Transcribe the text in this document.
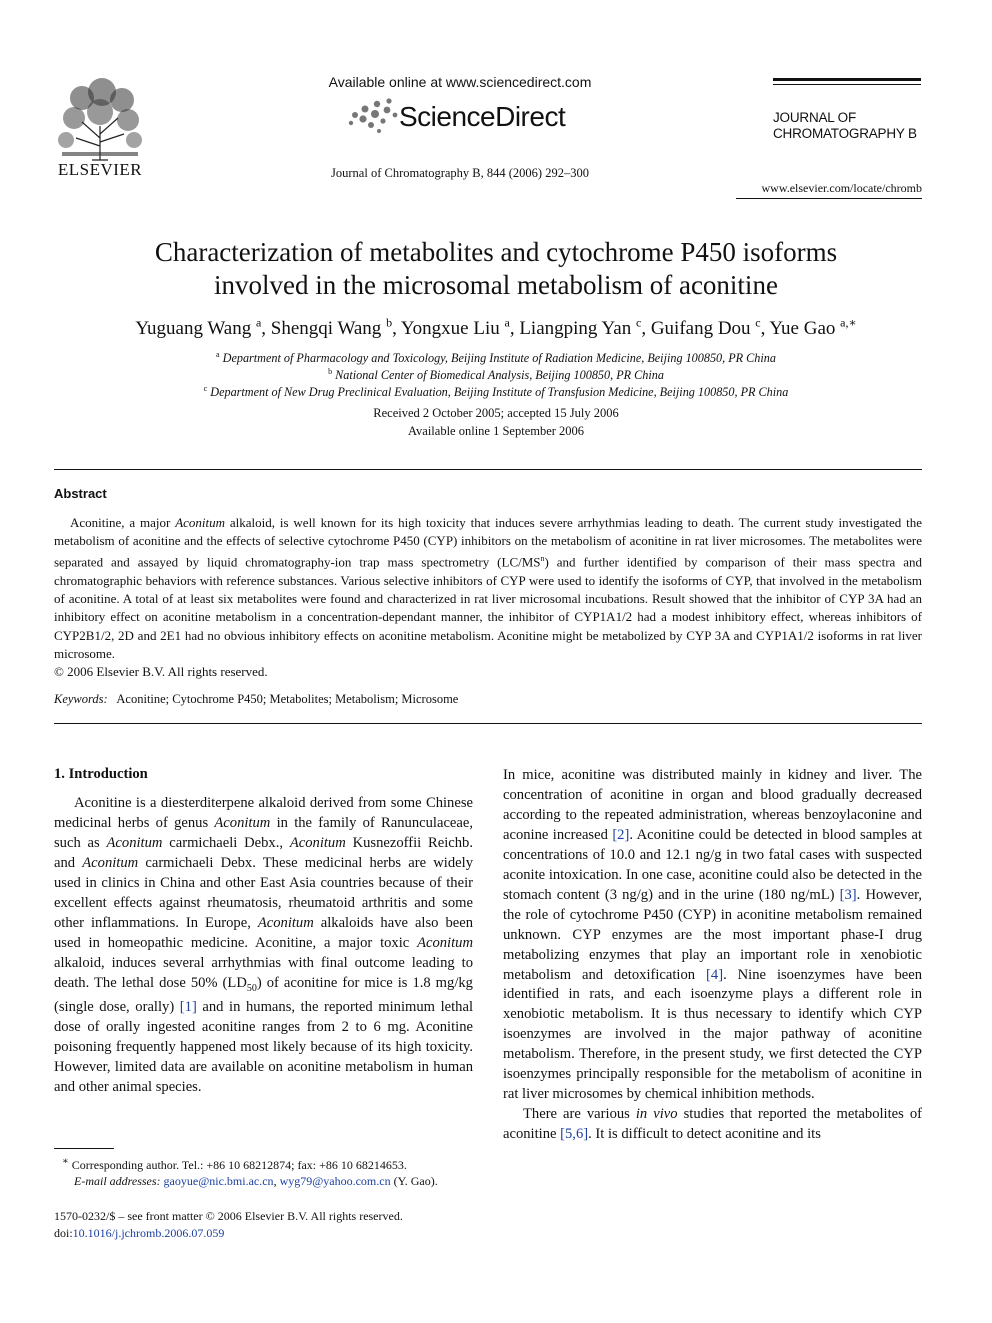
ELSEVIER
Available online at www.sciencedirect.com
ScienceDirect
Journal of Chromatography B, 844 (2006) 292–300
JOURNAL OF
CHROMATOGRAPHY B
www.elsevier.com/locate/chromb
Characterization of metabolites and cytochrome P450 isoforms
involved in the microsomal metabolism of aconitine
Yuguang Wang $^a$, Shengqi Wang $^b$, Yongxue Liu $^a$, Liangping Yan $^c$, Guifang Dou $^c$, Yue Gao $^{a,∗}$
$^a$ Department of Pharmacology and Toxicology, Beijing Institute of Radiation Medicine, Beijing 100850, PR China
$^b$ National Center of Biomedical Analysis, Beijing 100850, PR China
$^c$ Department of New Drug Preclinical Evaluation, Beijing Institute of Transfusion Medicine, Beijing 100850, PR China
Received 2 October 2005; accepted 15 July 2006
Available online 1 September 2006
Abstract

Aconitine, a major Aconitum alkaloid, is well known for its high toxicity that induces severe arrhythmias leading to death. The current study investigated the metabolism of aconitine and the effects of selective cytochrome P450 (CYP) inhibitors on the metabolism of aconitine in rat liver microsomes. The metabolites were separated and assayed by liquid chromatography-ion trap mass spectrometry $(LC/MS^n)$ and further identified by comparison of their mass spectra and chromatographic behaviors with reference substances. Various selective inhibitors of CYP were used to identify the isoforms of CYP, that involved in the metabolism of aconitine. A total of at least six metabolites were found and characterized in rat liver microsomal incubations. Result showed that the inhibitor of CYP 3A had an inhibitory effect on aconitine metabolism in a concentration-dependant manner, the inhibitor of CYP1A1/2 had a modest inhibitory effect, whereas inhibitors of CYP2B1/2, 2D and 2E1 had no obvious inhibitory effects on aconitine metabolism. Aconitine might be metabolized by CYP 3A and CYP1A1/2 isoforms in rat liver microsome.

© 2006 Elsevier B.V. All rights reserved.

Keywords: Aconitine; Cytochrome P450; Metabolites; Metabolism; Microsome
1. Introduction

Aconitine is a diesterditerpene alkaloid derived from some Chinese medicinal herbs of genus Aconitum in the family of Ranunculaceae, such as Aconitum carmichaeli Debx., Aconitum Kusnezoffii Reichb. and Aconitum carmichaeli Debx. These medicinal herbs are widely used in clinics in China and other East Asia countries because of their excellent effects against rheumatosis, rheumatoid arthritis and some other inflammations. In Europe, Aconitum alkaloids have also been used in homeopathic medicine. Aconitine, a major toxic Aconitum alkaloid, induces several arrhythmias with final outcome leading to death. The lethal dose 50% $(LD_{50})$ of aconitine for mice is 1.8 mg/kg (single dose, orally) [1] and in humans, the reported minimum lethal dose of orally ingested aconitine ranges from 2 to 6 mg. Aconitine poisoning frequently happened most likely because of its high toxicity. However, limited data are available on aconitine metabolism in human and other animal species.

In mice, aconitine was distributed mainly in kidney and liver. The concentration of aconitine in organ and blood gradually decreased according to the repeated administration, whereas benzoylaconine and aconine increased [2]. Aconitine could be detected in blood samples at concentrations of 10.0 and 12.1 ng/g in two fatal cases with suspected aconite intoxication. In one case, aconitine could also be detected in the stomach content (3 ng/g) and in the urine (180 ng/mL) [3]. However, the role of cytochrome P450 (CYP) in aconitine metabolism remained unknown. CYP enzymes are the most important phase-I drug metabolizing enzymes that play an important role in xenobiotic metabolism and detoxification [4]. Nine isoenzymes have been identified in rats, and each isoenzyme plays a different role in xenobiotic metabolism. It is thus necessary to identify which CYP isoenzymes are involved in the major pathway of aconitine metabolism. Therefore, in the present study, we first detected the CYP isoenzymes principally responsible for the metabolism of aconitine in rat liver microsomes by chemical inhibition methods.

There are various in vivo studies that reported the metabolites of aconitine [5,6]. It is difficult to detect aconitine and its

∗ Corresponding author. Tel.: +86 10 68212874; fax: +86 10 68214653.
E-mail addresses: gaoyue@nic.bmi.ac.cn, wyg79@yahoo.com.cn (Y. Gao).
1570-0232/$ – see front matter © 2006 Elsevier B.V. All rights reserved.
doi:10.1016/j.jchromb.2006.07.059
